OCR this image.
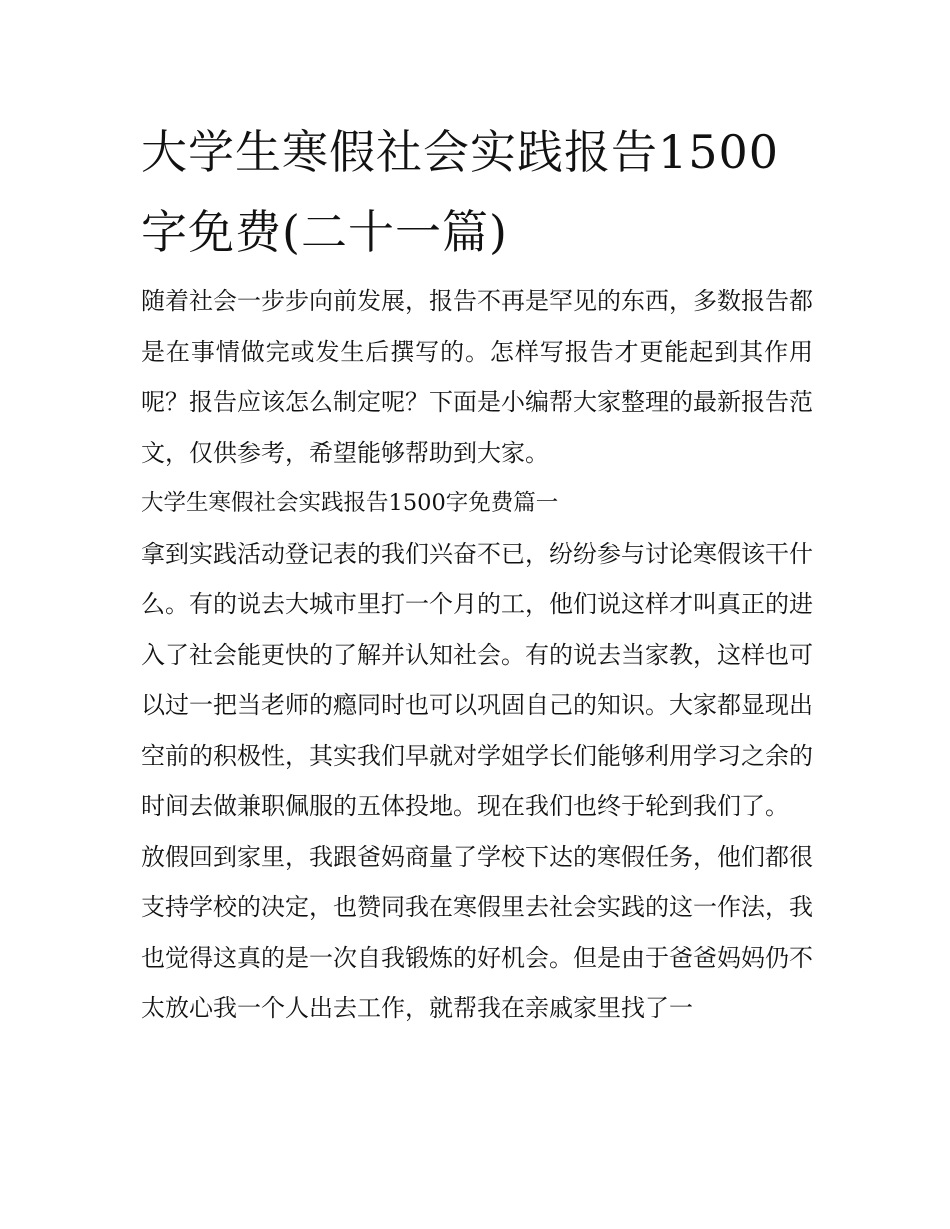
大学生寒假社会实践报告1500字免费(二十一篇)

随着社会一步步向前发展，报告不再是罕见的东西，多数报告都是在事情做完或发生后撰写的。怎样写报告才更能起到其作用呢？报告应该怎么制定呢？下面是小编帮大家整理的最新报告范文，仅供参考，希望能够帮助到大家。

大学生寒假社会实践报告1500字免费篇一

拿到实践活动登记表的我们兴奋不已，纷纷参与讨论寒假该干什么。有的说去大城市里打一个月的工，他们说这样才叫真正的进入了社会能更快的了解并认知社会。有的说去当家教，这样也可以过一把当老师的瘾同时也可以巩固自己的知识。大家都显现出空前的积极性，其实我们早就对学姐学长们能够利用学习之余的时间去做兼职佩服的五体投地。现在我们也终于轮到我们了。

放假回到家里，我跟爸妈商量了学校下达的寒假任务，他们都很支持学校的决定，也赞同我在寒假里去社会实践的这一作法，我也觉得这真的是一次自我锻炼的好机会。但是由于爸爸妈妈仍不太放心我一个人出去工作，就帮我在亲戚家里找了一
